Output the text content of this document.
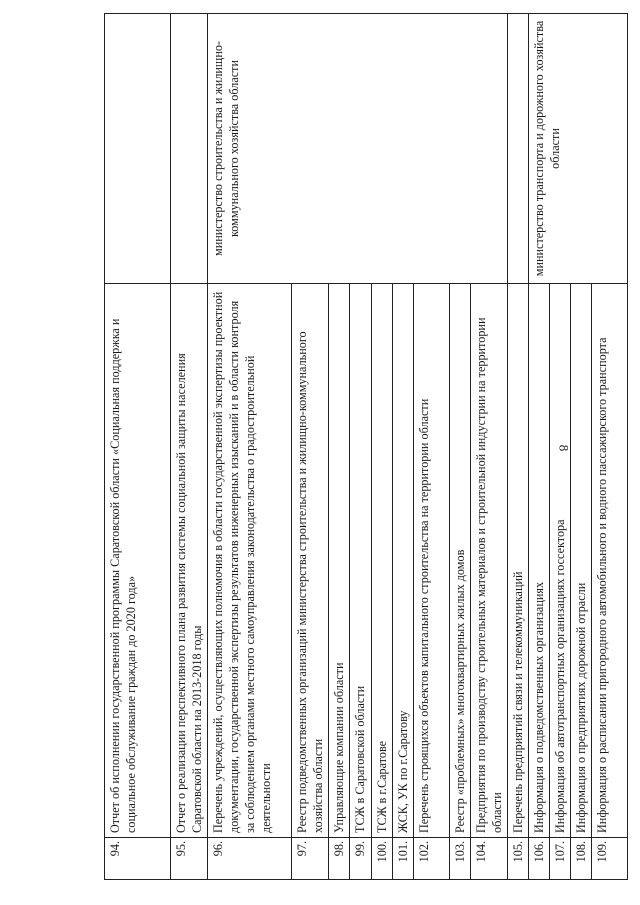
8
94.	Отчет об исполнении государственной программы Саратовской области «Социальная поддержка и социальное обслуживание граждан до 2020 года»	
95.	Отчет о реализации перспективного плана развития системы социальной защиты населения Саратовской области на 2013-2018 годы	
96.	Перечень учреждений, осуществляющих полномочия в области государственной экспертизы проектной документации, государственной экспертизы результатов инженерных изысканий и в области контроля за соблюдением органами местного самоуправления законодательства о градостроительной деятельности	министерство строительства и жилищно-коммунального хозяйства области
97.	Реестр подведомственных организаций министерства строительства и жилищно-коммунального хозяйства области	
98.	Управляющие компании области	
99.	ТСЖ в Саратовской области	
100.	ТСЖ в г.Саратове	
101.	ЖСК, УК по г.Саратову	
102.	Перечень строящихся объектов капитального строительства на территории области	
103.	Реестр «проблемных» многоквартирных жилых домов	
104.	Предприятия по производству строительных материалов и строительной индустрии на территории области	
105.	Перечень предприятий связи и телекоммуникаций	
106.	Информация о подведомственных организациях	министерство транспорта и дорожного хозяйства области
107.	Информация об автотранспортных организациях госсектора	
108.	Информация о предприятиях дорожной отрасли	
109.	Информация о расписании пригородного автомобильного и водного пассажирского транспорта	
